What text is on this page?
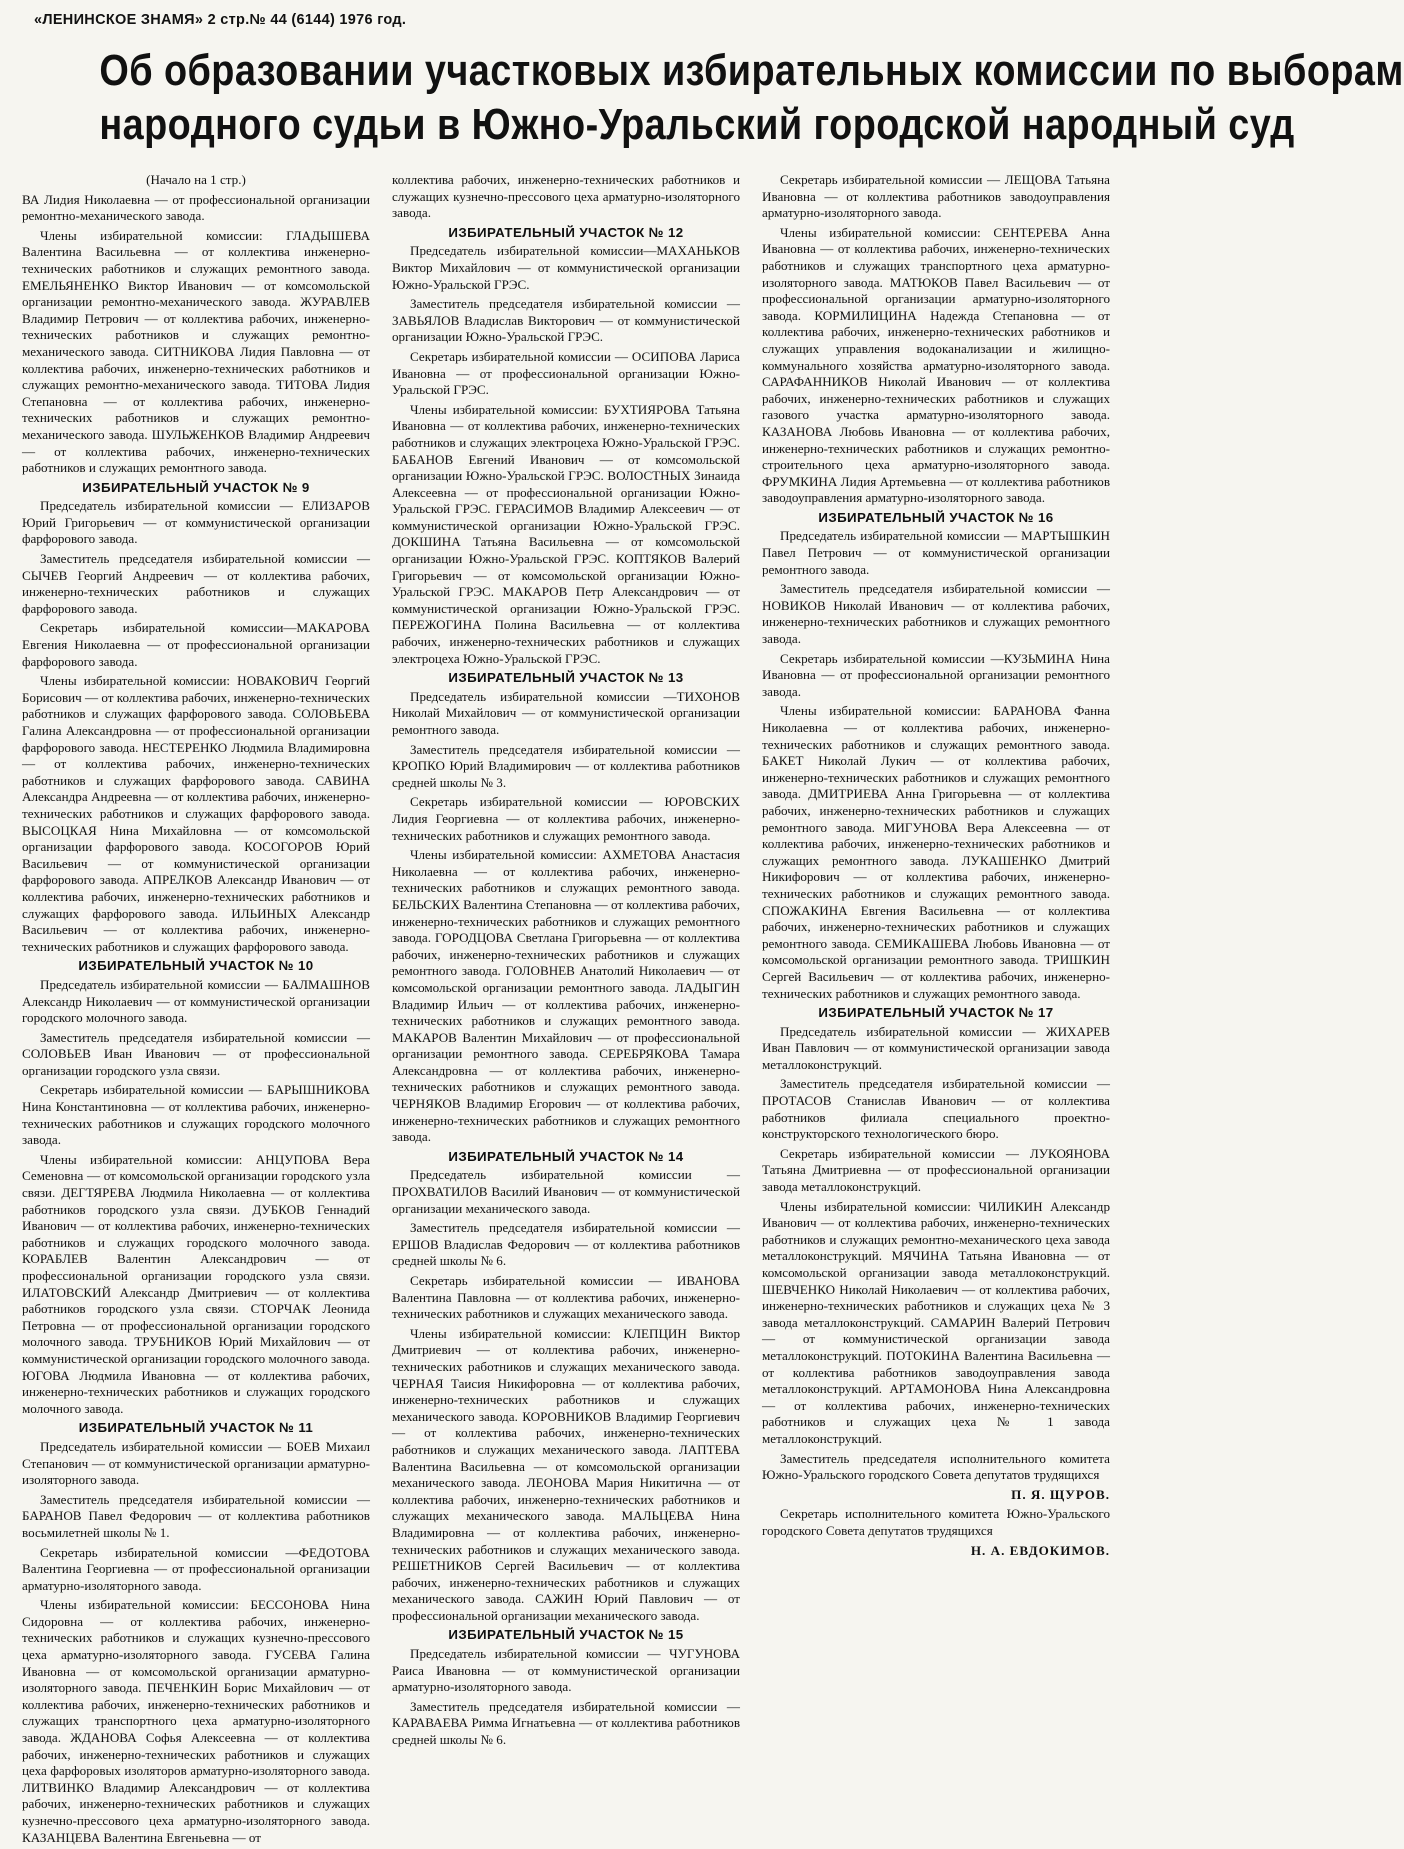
«ЛЕНИНСКОЕ ЗНАМЯ» 2 стр.№ 44 (6144) 1976 год.
Об образовании участковых избирательных комиссии по выборам
народного судьи в Южно-Уральский городской народный суд

(Начало на 1 стр.)

ВА Лидия Николаевна — от профессиональной организации ремонтно-механического завода.

Члены избирательной комиссии: ГЛАДЫШЕВА Валентина Васильевна — от коллектива инженерно-технических работников и служащих ремонтного завода. ЕМЕЛЬЯНЕНКО Виктор Иванович — от комсомольской организации ремонтно-механического завода. ЖУРАВЛЕВ Владимир Петрович — от коллектива рабочих, инженерно-технических работников и служащих ремонтно-механического завода. СИТНИКОВА Лидия Павловна — от коллектива рабочих, инженерно-технических работников и служащих ремонтно-механического завода. ТИТОВА Лидия Степановна — от коллектива рабочих, инженерно-технических работников и служащих ремонтно-механического завода. ШУЛЬЖЕНКОВ Владимир Андреевич — от коллектива рабочих, инженерно-технических работников и служащих ремонтного завода.

ИЗБИРАТЕЛЬНЫЙ УЧАСТОК № 9

Председатель избирательной комиссии — ЕЛИЗАРОВ Юрий Григорьевич — от коммунистической организации фарфорового завода.

Заместитель председателя избирательной комиссии — СЫЧЕВ Георгий Андреевич — от коллектива рабочих, инженерно-технических работников и служащих фарфорового завода.

Секретарь избирательной комиссии—МАКАРОВА Евгения Николаевна — от профессиональной организации фарфорового завода.

Члены избирательной комиссии: НОВАКОВИЧ Георгий Борисович — от коллектива рабочих, инженерно-технических работников и служащих фарфорового завода. СОЛОВЬЕВА Галина Александровна — от профессиональной организации фарфорового завода. НЕСТЕРЕНКО Людмила Владимировна — от коллектива рабочих, инженерно-технических работников и служащих фарфорового завода. САВИНА Александра Андреевна — от коллектива рабочих, инженерно-технических работников и служащих фарфорового завода. ВЫСОЦКАЯ Нина Михайловна — от комсомольской организации фарфорового завода. КОСОГОРОВ Юрий Васильевич — от коммунистической организации фарфорового завода. АПРЕЛКОВ Александр Иванович — от коллектива рабочих, инженерно-технических работников и служащих фарфорового завода. ИЛЬИНЫХ Александр Васильевич — от коллектива рабочих, инженерно-технических работников и служащих фарфорового завода.

ИЗБИРАТЕЛЬНЫЙ УЧАСТОК № 10

Председатель избирательной комиссии — БАЛМАШНОВ Александр Николаевич — от коммунистической организации городского молочного завода.

Заместитель председателя избирательной комиссии — СОЛОВЬЕВ Иван Иванович — от профессиональной организации городского узла связи.

Секретарь избирательной комиссии — БАРЫШНИКОВА Нина Константиновна — от коллектива рабочих, инженерно-технических работников и служащих городского молочного завода.

Члены избирательной комиссии: АНЦУПОВА Вера Семеновна — от комсомольской организации городского узла связи. ДЕГТЯРЕВА Людмила Николаевна — от коллектива работников городского узла связи. ДУБКОВ Геннадий Иванович — от коллектива рабочих, инженерно-технических работников и служащих городского молочного завода. КОРАБЛЕВ Валентин Александрович — от профессиональной организации городского узла связи. ИЛАТОВСКИЙ Александр Дмитриевич — от коллектива работников городского узла связи. СТОРЧАК Леонида Петровна — от профессиональной организации городского молочного завода. ТРУБНИКОВ Юрий Михайлович — от коммунистической организации городского молочного завода. ЮГОВА Людмила Ивановна — от коллектива рабочих, инженерно-технических работников и служащих городского молочного завода.

ИЗБИРАТЕЛЬНЫЙ УЧАСТОК № 11

Председатель избирательной комиссии — БОЕВ Михаил Степанович — от коммунистической организации арматурно-изоляторного завода.

Заместитель председателя избирательной комиссии — БАРАНОВ Павел Федорович — от коллектива работников восьмилетней школы № 1.

Секретарь избирательной комиссии —ФЕДОТОВА Валентина Георгиевна — от профессиональной организации арматурно-изоляторного завода.

Члены избирательной комиссии: БЕССОНОВА Нина Сидоровна — от коллектива рабочих, инженерно-технических работников и служащих кузнечно-прессового цеха арматурно-изоляторного завода. ГУСЕВА Галина Ивановна — от комсомольской организации арматурно-изоляторного завода. ПЕЧЕНКИН Борис Михайлович — от коллектива рабочих, инженерно-технических работников и служащих транспортного цеха арматурно-изоляторного завода. ЖДАНОВА Софья Алексеевна — от коллектива рабочих, инженерно-технических работников и служащих цеха фарфоровых изоляторов арматурно-изоляторного завода. ЛИТВИНКО Владимир Александрович — от коллектива рабочих, инженерно-технических работников и служащих кузнечно-прессового цеха арматурно-изоляторного завода. КАЗАНЦЕВА Валентина Евгеньевна — от

коллектива рабочих, инженерно-технических работников и служащих кузнечно-прессового цеха арматурно-изоляторного завода.

ИЗБИРАТЕЛЬНЫЙ УЧАСТОК № 12

Председатель избирательной комиссии—МАХАНЬКОВ Виктор Михайлович — от коммунистической организации Южно-Уральской ГРЭС.

Заместитель председателя избирательной комиссии — ЗАВЬЯЛОВ Владислав Викторович — от коммунистической организации Южно-Уральской ГРЭС.

Секретарь избирательной комиссии — ОСИПОВА Лариса Ивановна — от профессиональной организации Южно-Уральской ГРЭС.

Члены избирательной комиссии: БУХТИЯРОВА Татьяна Ивановна — от коллектива рабочих, инженерно-технических работников и служащих электроцеха Южно-Уральской ГРЭС. БАБАНОВ Евгений Иванович — от комсомольской организации Южно-Уральской ГРЭС. ВОЛОСТНЫХ Зинаида Алексеевна — от профессиональной организации Южно-Уральской ГРЭС. ГЕРАСИМОВ Владимир Алексеевич — от коммунистической организации Южно-Уральской ГРЭС. ДОКШИНА Татьяна Васильевна — от комсомольской организации Южно-Уральской ГРЭС. КОПТЯКОВ Валерий Григорьевич — от комсомольской организации Южно-Уральской ГРЭС. МАКАРОВ Петр Александрович — от коммунистической организации Южно-Уральской ГРЭС. ПЕРЕЖОГИНА Полина Васильевна — от коллектива рабочих, инженерно-технических работников и служащих электроцеха Южно-Уральской ГРЭС.

ИЗБИРАТЕЛЬНЫЙ УЧАСТОК № 13

Председатель избирательной комиссии —ТИХОНОВ Николай Михайлович — от коммунистической организации ремонтного завода.

Заместитель председателя избирательной комиссии — КРОПКО Юрий Владимирович — от коллектива работников средней школы № 3.

Секретарь избирательной комиссии — ЮРОВСКИХ Лидия Георгиевна — от коллектива рабочих, инженерно-технических работников и служащих ремонтного завода.

Члены избирательной комиссии: АХМЕТОВА Анастасия Николаевна — от коллектива рабочих, инженерно-технических работников и служащих ремонтного завода. БЕЛЬСКИХ Валентина Степановна — от коллектива рабочих, инженерно-технических работников и служащих ремонтного завода. ГОРОДЦОВА Светлана Григорьевна — от коллектива рабочих, инженерно-технических работников и служащих ремонтного завода. ГОЛОВНЕВ Анатолий Николаевич — от комсомольской организации ремонтного завода. ЛАДЫГИН Владимир Ильич — от коллектива рабочих, инженерно-технических работников и служащих ремонтного завода. МАКАРОВ Валентин Михайлович — от профессиональной организации ремонтного завода. СЕРЕБРЯКОВА Тамара Александровна — от коллектива рабочих, инженерно-технических работников и служащих ремонтного завода. ЧЕРНЯКОВ Владимир Егорович — от коллектива рабочих, инженерно-технических работников и служащих ремонтного завода.

ИЗБИРАТЕЛЬНЫЙ УЧАСТОК № 14

Председатель избирательной комиссии — ПРОХВАТИЛОВ Василий Иванович — от коммунистической организации механического завода.

Заместитель председателя избирательной комиссии — ЕРШОВ Владислав Федорович — от коллектива работников средней школы № 6.

Секретарь избирательной комиссии — ИВАНОВА Валентина Павловна — от коллектива рабочих, инженерно-технических работников и служащих механического завода.

Члены избирательной комиссии: КЛЕПЦИН Виктор Дмитриевич — от коллектива рабочих, инженерно-технических работников и служащих механического завода. ЧЕРНАЯ Таисия Никифоровна — от коллектива рабочих, инженерно-технических работников и служащих механического завода. КОРОВНИКОВ Владимир Георгиевич — от коллектива рабочих, инженерно-технических работников и служащих механического завода. ЛАПТЕВА Валентина Васильевна — от комсомольской организации механического завода. ЛЕОНОВА Мария Никитична — от коллектива рабочих, инженерно-технических работников и служащих механического завода. МАЛЬЦЕВА Нина Владимировна — от коллектива рабочих, инженерно-технических работников и служащих механического завода. РЕШЕТНИКОВ Сергей Васильевич — от коллектива рабочих, инженерно-технических работников и служащих механического завода. САЖИН Юрий Павлович — от профессиональной организации механического завода.

ИЗБИРАТЕЛЬНЫЙ УЧАСТОК № 15

Председатель избирательной комиссии — ЧУГУНОВА Раиса Ивановна — от коммунистической организации арматурно-изоляторного завода.

Заместитель председателя избирательной комиссии — КАРАВАЕВА Римма Игнатьевна — от коллектива работников средней школы № 6.

Секретарь избирательной комиссии — ЛЕЩОВА Татьяна Ивановна — от коллектива работников заводоуправления арматурно-изоляторного завода.

Члены избирательной комиссии: СЕНТЕРЕВА Анна Ивановна — от коллектива рабочих, инженерно-технических работников и служащих транспортного цеха арматурно-изоляторного завода. МАТЮКОВ Павел Васильевич — от профессиональной организации арматурно-изоляторного завода. КОРМИЛИЦИНА Надежда Степановна — от коллектива рабочих, инженерно-технических работников и служащих управления водоканализации и жилищно-коммунального хозяйства арматурно-изоляторного завода. САРАФАННИКОВ Николай Иванович — от коллектива рабочих, инженерно-технических работников и служащих газового участка арматурно-изоляторного завода. КАЗАНОВА Любовь Ивановна — от коллектива рабочих, инженерно-технических работников и служащих ремонтно-строительного цеха арматурно-изоляторного завода. ФРУМКИНА Лидия Артемьевна — от коллектива работников заводоуправления арматурно-изоляторного завода.

ИЗБИРАТЕЛЬНЫЙ УЧАСТОК № 16

Председатель избирательной комиссии — МАРТЫШКИН Павел Петрович — от коммунистической организации ремонтного завода.

Заместитель председателя избирательной комиссии — НОВИКОВ Николай Иванович — от коллектива рабочих, инженерно-технических работников и служащих ремонтного завода.

Секретарь избирательной комиссии —КУЗЬМИНА Нина Ивановна — от профессиональной организации ремонтного завода.

Члены избирательной комиссии: БАРАНОВА Фанна Николаевна — от коллектива рабочих, инженерно-технических работников и служащих ремонтного завода. БАКЕТ Николай Лукич — от коллектива рабочих, инженерно-технических работников и служащих ремонтного завода. ДМИТРИЕВА Анна Григорьевна — от коллектива рабочих, инженерно-технических работников и служащих ремонтного завода. МИГУНОВА Вера Алексеевна — от коллектива рабочих, инженерно-технических работников и служащих ремонтного завода. ЛУКАШЕНКО Дмитрий Никифорович — от коллектива рабочих, инженерно-технических работников и служащих ремонтного завода. СПОЖАКИНА Евгения Васильевна — от коллектива рабочих, инженерно-технических работников и служащих ремонтного завода. СЕМИКАШЕВА Любовь Ивановна — от комсомольской организации ремонтного завода. ТРИШКИН Сергей Васильевич — от коллектива рабочих, инженерно-технических работников и служащих ремонтного завода.

ИЗБИРАТЕЛЬНЫЙ УЧАСТОК № 17

Председатель избирательной комиссии — ЖИХАРЕВ Иван Павлович — от коммунистической организации завода металлоконструкций.

Заместитель председателя избирательной комиссии — ПРОТАСОВ Станислав Иванович — от коллектива работников филиала специального проектно-конструкторского технологического бюро.

Секретарь избирательной комиссии — ЛУКОЯНОВА Татьяна Дмитриевна — от профессиональной организации завода металлоконструкций.

Члены избирательной комиссии: ЧИЛИКИН Александр Иванович — от коллектива рабочих, инженерно-технических работников и служащих ремонтно-механического цеха завода металлоконструкций. МЯЧИНА Татьяна Ивановна — от комсомольской организации завода металлоконструкций. ШЕВЧЕНКО Николай Николаевич — от коллектива рабочих, инженерно-технических работников и служащих цеха № 3 завода металлоконструкций. САМАРИН Валерий Петрович — от коммунистической организации завода металлоконструкций. ПОТОКИНА Валентина Васильевна — от коллектива работников заводоуправления завода металлоконструкций. АРТАМОНОВА Нина Александровна — от коллектива рабочих, инженерно-технических работников и служащих цеха № 1 завода металлоконструкций.

Заместитель председателя исполнительного комитета Южно-Уральского городского Совета депутатов трудящихся

П. Я. ЩУРОВ.

Секретарь исполнительного комитета Южно-Уральского городского Совета депутатов трудящихся

Н. А. ЕВДОКИМОВ.
